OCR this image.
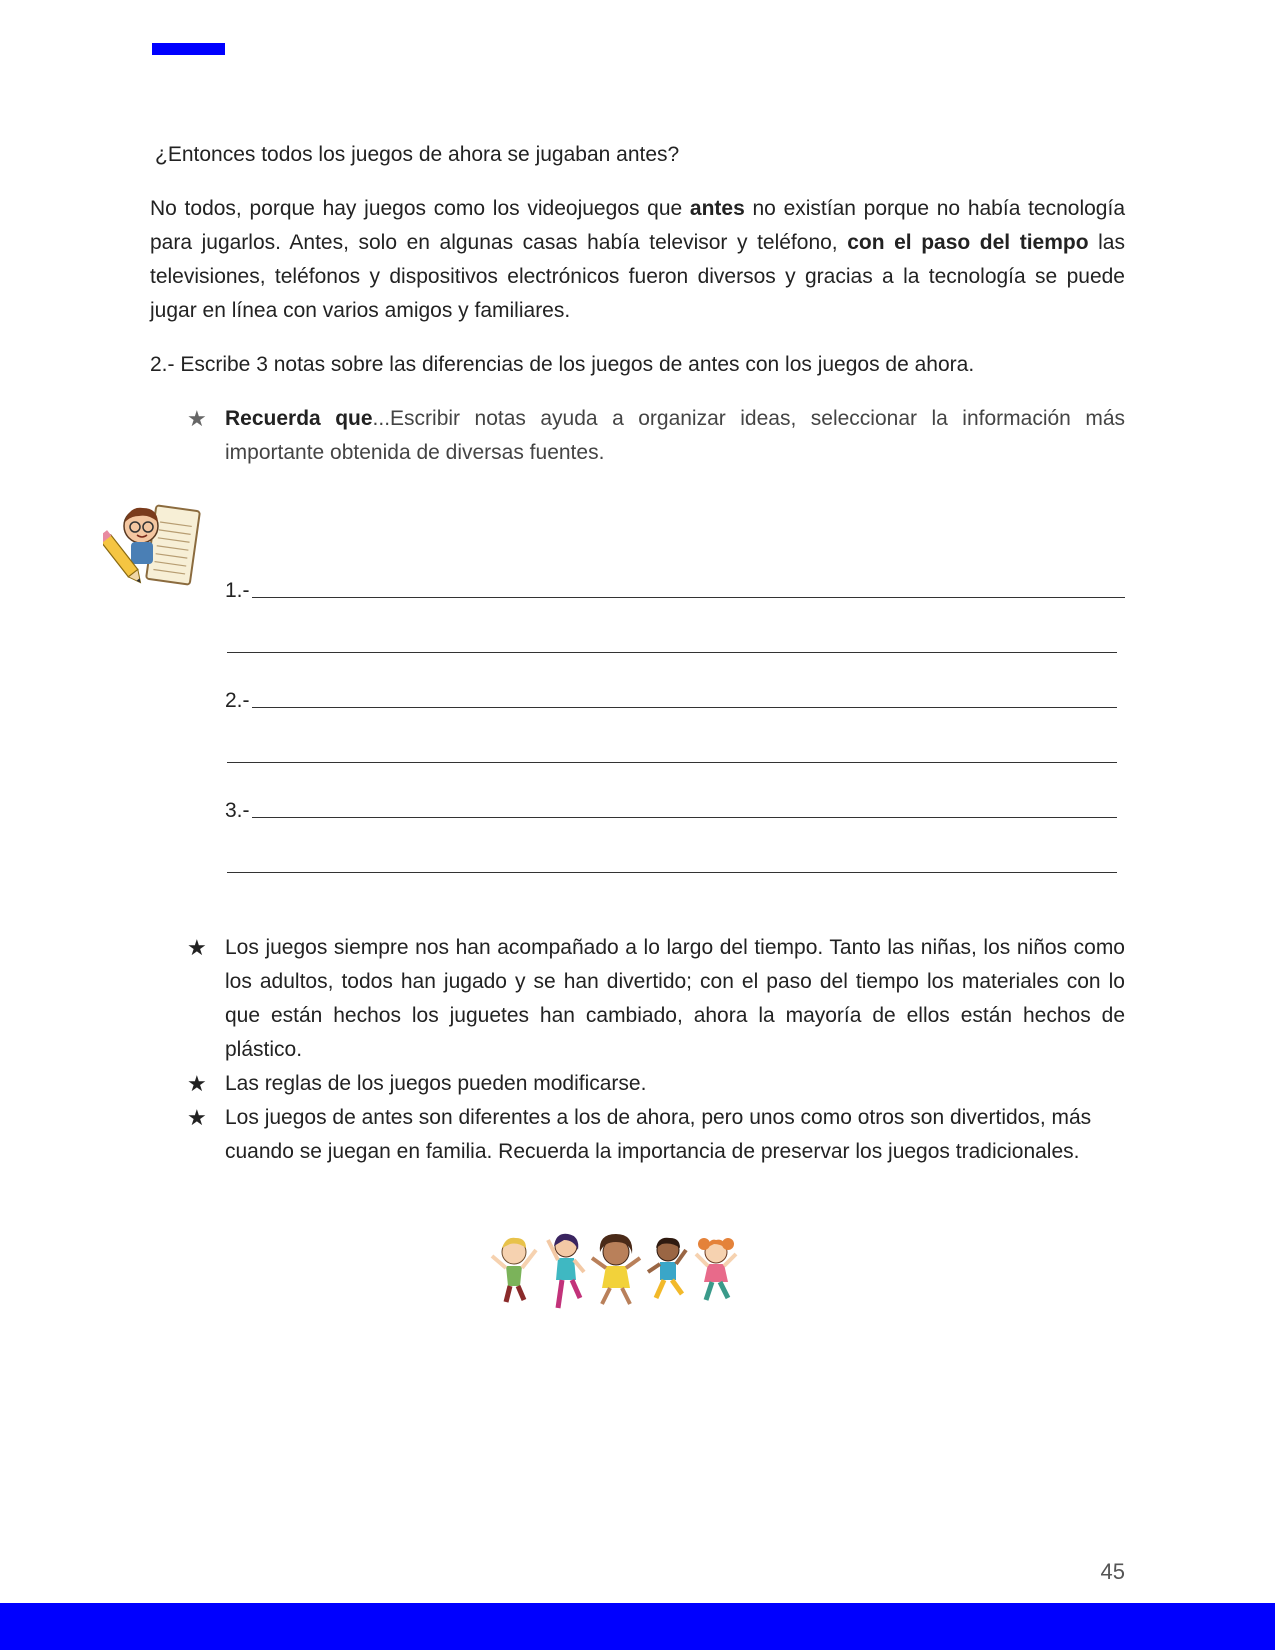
¿Entonces todos los juegos de ahora se jugaban antes?

No todos, porque hay juegos como los videojuegos que antes no existían porque no había tecnología para jugarlos. Antes, solo en algunas casas había televisor y teléfono, con el paso del tiempo las televisiones, teléfonos y dispositivos electrónicos fueron diversos y gracias a la tecnología se puede jugar en línea con varios amigos y familiares.

2.- Escribe 3 notas sobre las diferencias de los juegos de antes con los juegos de ahora.

★ Recuerda que...Escribir notas ayuda a organizar ideas, seleccionar la información más importante obtenida de diversas fuentes.
1.-
2.-
3.-
★ Los juegos siempre nos han acompañado a lo largo del tiempo. Tanto las niñas, los niños como los adultos, todos han jugado y se han divertido; con el paso del tiempo los materiales con lo que están hechos los juguetes han cambiado, ahora la mayoría de ellos están hechos de plástico.
★ Las reglas de los juegos pueden modificarse.
★ Los juegos de antes son diferentes a los de ahora, pero unos como otros son divertidos, más cuando se juegan en familia. Recuerda la importancia de preservar los juegos tradicionales.
45
